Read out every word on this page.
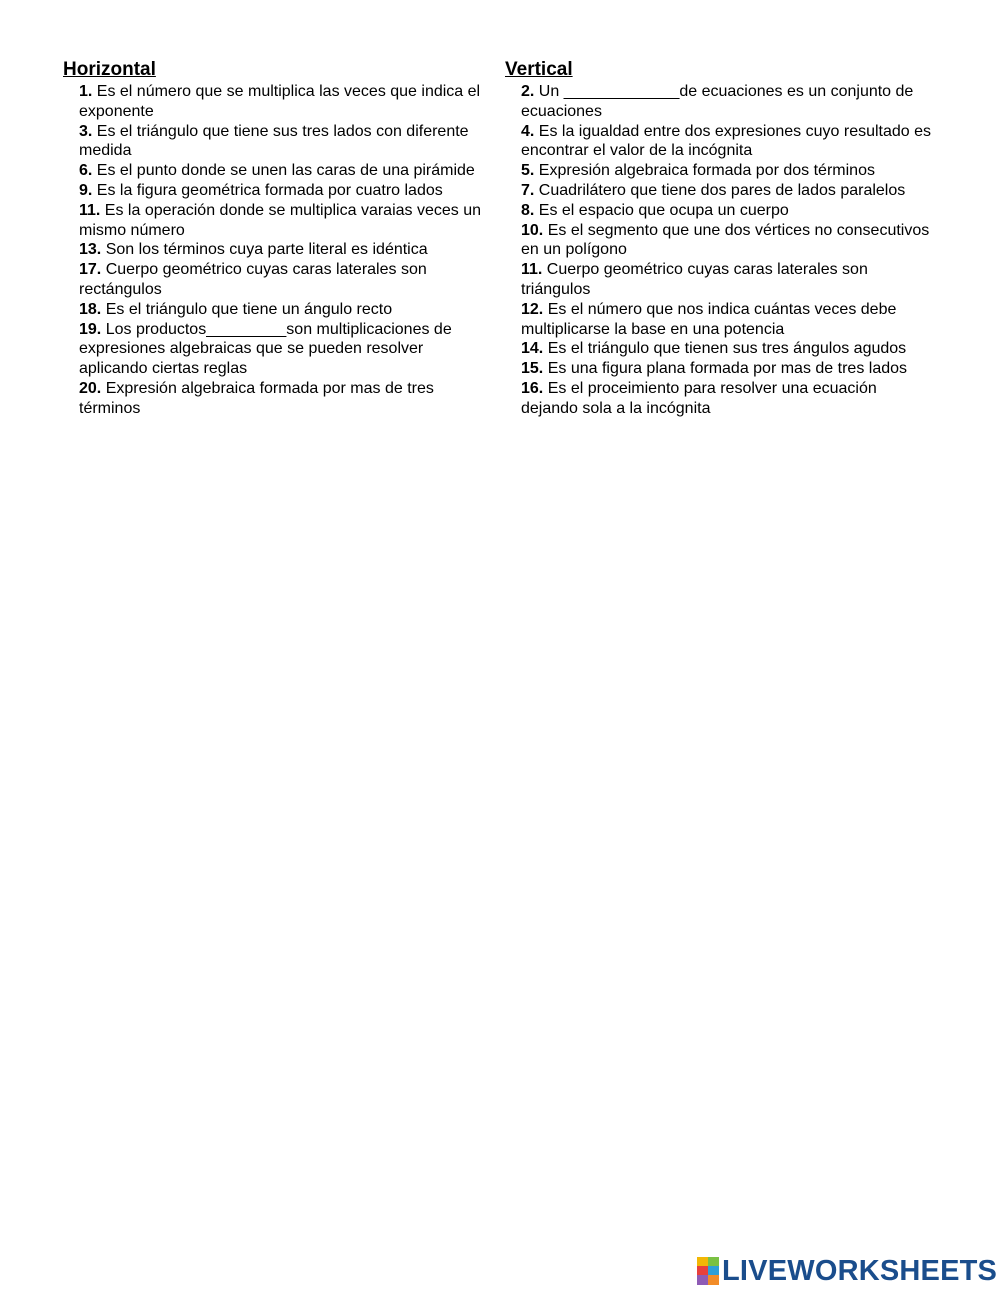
Horizontal
1. Es el número que se multiplica las veces que indica el exponente
3. Es el triángulo que tiene sus tres lados con diferente medida
6. Es el punto donde se unen las caras de una pirámide
9. Es la figura geométrica formada por cuatro lados
11. Es la operación donde se multiplica varaias veces un mismo número
13. Son los términos cuya parte literal es idéntica
17. Cuerpo geométrico cuyas caras laterales son rectángulos
18. Es el triángulo que tiene un ángulo recto
19. Los productos_________son multiplicaciones de expresiones algebraicas que se pueden resolver aplicando ciertas reglas
20. Expresión algebraica formada por mas de tres términos
Vertical
2. Un _____________de ecuaciones es un conjunto de ecuaciones
4. Es la igualdad entre dos expresiones cuyo resultado es encontrar el valor de la incógnita
5. Expresión algebraica formada por dos términos
7. Cuadrilátero que tiene dos pares de lados paralelos
8. Es el espacio que ocupa un cuerpo
10. Es el segmento que une dos vértices no consecutivos en un polígono
11. Cuerpo geométrico cuyas caras laterales son triángulos
12. Es el número que nos indica cuántas veces debe multiplicarse la base en una potencia
14. Es el triángulo que tienen sus tres ángulos agudos
15. Es una figura plana formada por mas de tres lados
16. Es el proceimiento para resolver una ecuación dejando sola a la incógnita
LIVEWORKSHEETS
